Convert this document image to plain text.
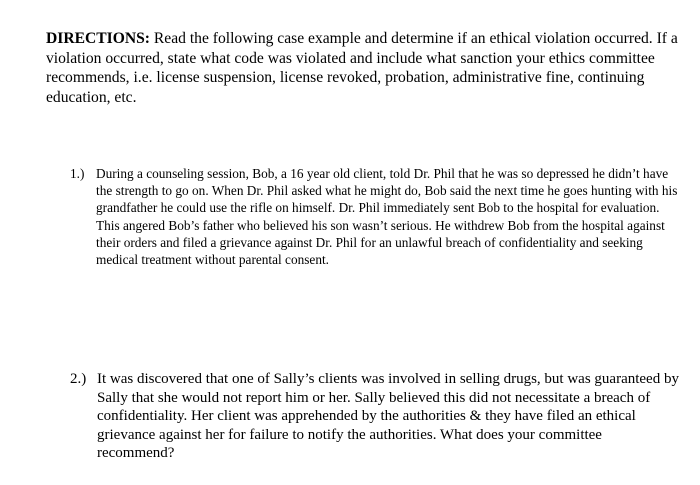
DIRECTIONS: Read the following case example and determine if an ethical violation occurred. If a violation occurred, state what code was violated and include what sanction your ethics committee recommends, i.e. license suspension, license revoked, probation, administrative fine, continuing education, etc.

1.) During a counseling session, Bob, a 16 year old client, told Dr. Phil that he was so depressed he didn’t have the strength to go on. When Dr. Phil asked what he might do, Bob said the next time he goes hunting with his grandfather he could use the rifle on himself. Dr. Phil immediately sent Bob to the hospital for evaluation. This angered Bob’s father who believed his son wasn’t serious. He withdrew Bob from the hospital against their orders and filed a grievance against Dr. Phil for an unlawful breach of confidentiality and seeking medical treatment without parental consent.
2.) It was discovered that one of Sally’s clients was involved in selling drugs, but was guaranteed by Sally that she would not report him or her. Sally believed this did not necessitate a breach of confidentiality. Her client was apprehended by the authorities & they have filed an ethical grievance against her for failure to notify the authorities. What does your committee recommend?
